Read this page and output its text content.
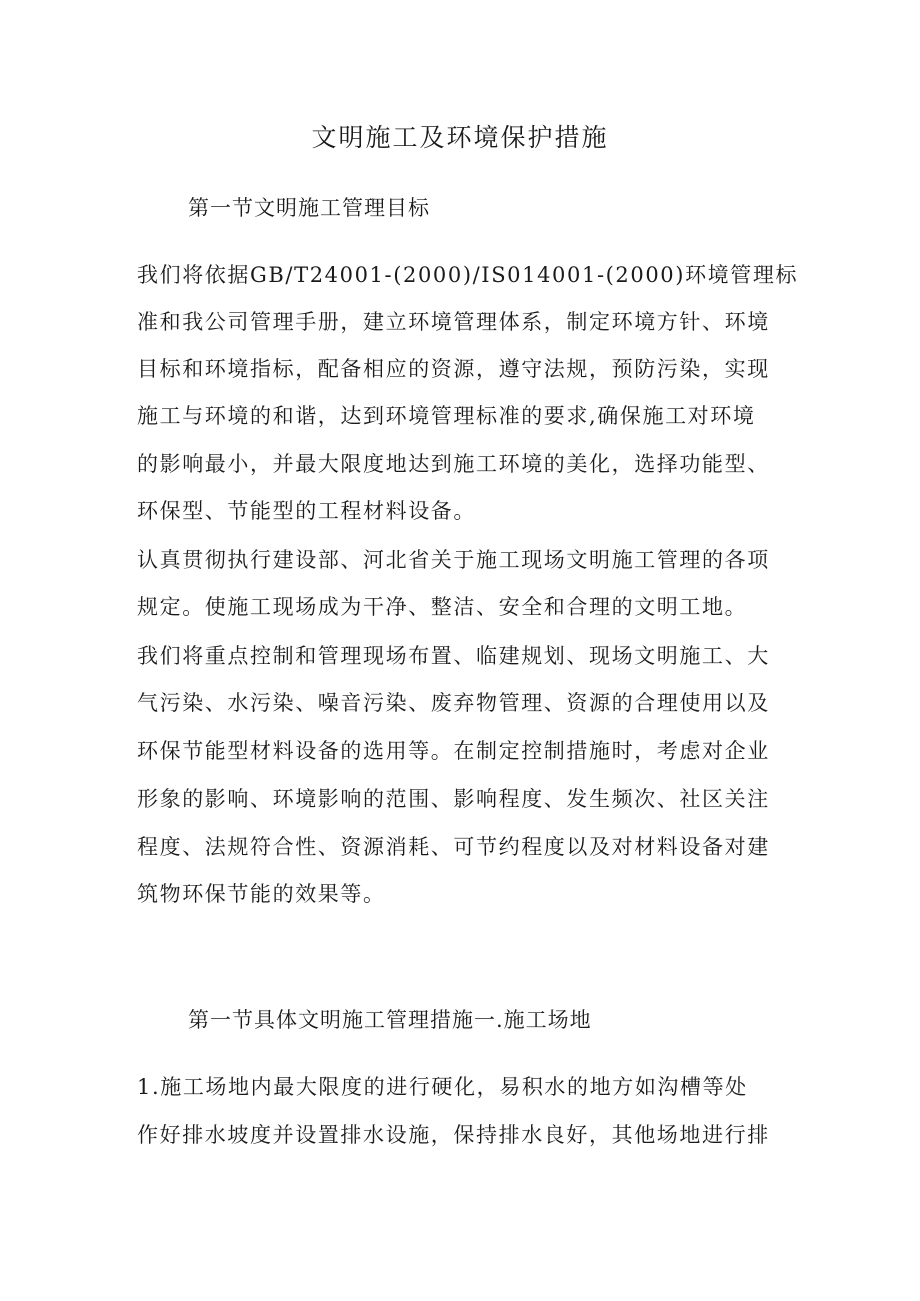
文明施工及环境保护措施
第一节文明施工管理目标
我们将依据GB/T24001-(2000)/IS014001-(2000)环境管理标
准和我公司管理手册，建立环境管理体系，制定环境方针、环境
目标和环境指标，配备相应的资源，遵守法规，预防污染，实现
施工与环境的和谐，达到环境管理标准的要求,确保施工对环境
的影响最小，并最大限度地达到施工环境的美化，选择功能型、
环保型、节能型的工程材料设备。
认真贯彻执行建设部、河北省关于施工现场文明施工管理的各项
规定。使施工现场成为干净、整洁、安全和合理的文明工地。
我们将重点控制和管理现场布置、临建规划、现场文明施工、大
气污染、水污染、噪音污染、废弃物管理、资源的合理使用以及
环保节能型材料设备的选用等。在制定控制措施时，考虑对企业
形象的影响、环境影响的范围、影响程度、发生频次、社区关注
程度、法规符合性、资源消耗、可节约程度以及对材料设备对建
筑物环保节能的效果等。
第一节具体文明施工管理措施一.施工场地
1.施工场地内最大限度的进行硬化，易积水的地方如沟槽等处
作好排水坡度并设置排水设施，保持排水良好，其他场地进行排
